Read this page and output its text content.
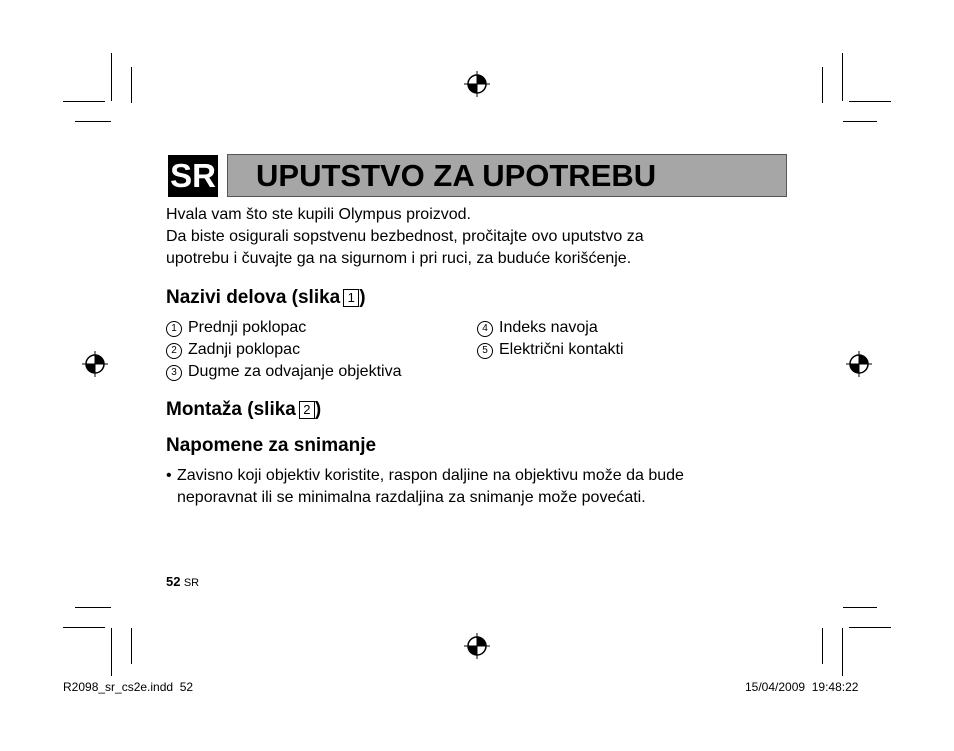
SR UPUTSTVO ZA UPOTREBU
Hvala vam što ste kupili Olympus proizvod.
Da biste osigurali sopstvenu bezbednost, pročitajte ovo uputstvo za
upotrebu i čuvajte ga na sigurnom i pri ruci, za buduće korišćenje.
Nazivi delova (slika 1 )
1 Prednji poklopac
2 Zadnji poklopac
3 Dugme za odvajanje objektiva
4 Indeks navoja
5 Električni kontakti
Montaža (slika 2 )
Napomene za snimanje
• Zavisno koji objektiv koristite, raspon daljine na objektivu može da bude
neporavnat ili se minimalna razdaljina za snimanje može povećati.
52 SR
R2098_sr_cs2e.indd 52	15/04/2009 19:48:22
